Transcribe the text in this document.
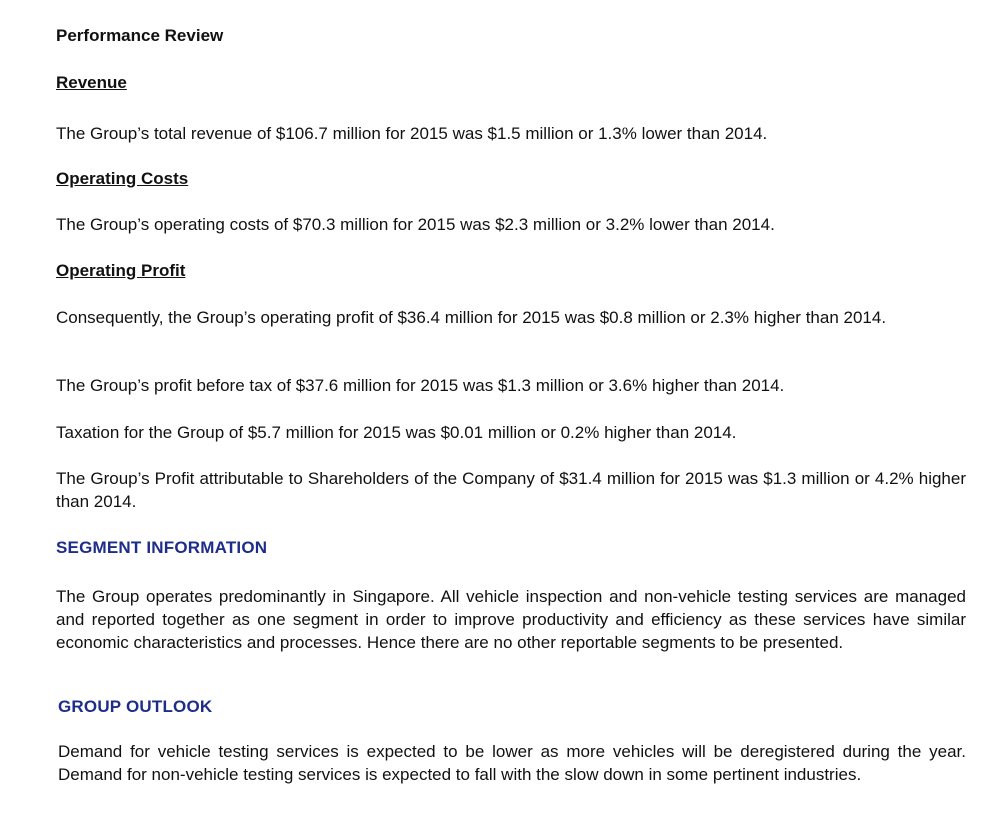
Performance Review

Revenue

The Group’s total revenue of $106.7 million for 2015 was $1.5 million or 1.3% lower than 2014.

Operating Costs

The Group’s operating costs of $70.3 million for 2015 was $2.3 million or 3.2% lower than 2014.

Operating Profit

Consequently, the Group’s operating profit of $36.4 million for 2015 was $0.8 million or 2.3% higher than 2014.

The Group’s profit before tax of $37.6 million for 2015 was $1.3 million or 3.6% higher than 2014.

Taxation for the Group of $5.7 million for 2015 was $0.01 million or 0.2% higher than 2014.

The Group’s Profit attributable to Shareholders of the Company of $31.4 million for 2015 was $1.3 million or 4.2% higher than 2014.

SEGMENT INFORMATION

The Group operates predominantly in Singapore. All vehicle inspection and non-vehicle testing services are managed and reported together as one segment in order to improve productivity and efficiency as these services have similar economic characteristics and processes. Hence there are no other reportable segments to be presented.

GROUP OUTLOOK

Demand for vehicle testing services is expected to be lower as more vehicles will be deregistered during the year. Demand for non-vehicle testing services is expected to fall with the slow down in some pertinent industries.
